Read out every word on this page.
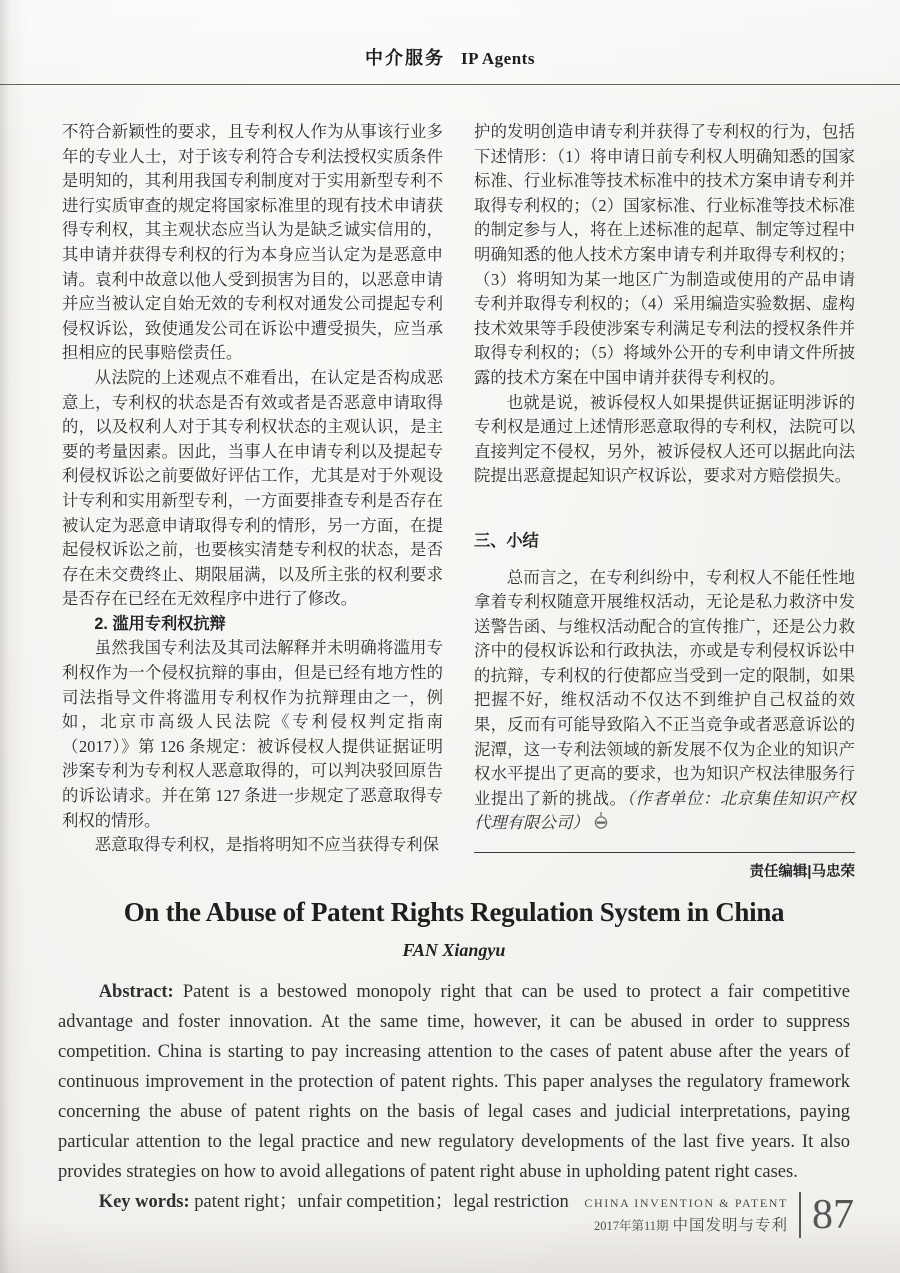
中介服务 IP Agents

不符合新颖性的要求，且专利权人作为从事该行业多年的专业人士，对于该专利符合专利法授权实质条件是明知的，其利用我国专利制度对于实用新型专利不进行实质审查的规定将国家标准里的现有技术申请获得专利权，其主观状态应当认为是缺乏诚实信用的，其申请并获得专利权的行为本身应当认定为是恶意申请。袁利中故意以他人受到损害为目的，以恶意申请并应当被认定自始无效的专利权对通发公司提起专利侵权诉讼，致使通发公司在诉讼中遭受损失，应当承担相应的民事赔偿责任。

从法院的上述观点不难看出，在认定是否构成恶意上，专利权的状态是否有效或者是否恶意申请取得的，以及权利人对于其专利权状态的主观认识，是主要的考量因素。因此，当事人在申请专利以及提起专利侵权诉讼之前要做好评估工作，尤其是对于外观设计专利和实用新型专利，一方面要排查专利是否存在被认定为恶意申请取得专利的情形，另一方面，在提起侵权诉讼之前，也要核实清楚专利权的状态，是否存在未交费终止、期限届满，以及所主张的权利要求是否存在已经在无效程序中进行了修改。

2. 滥用专利权抗辩

虽然我国专利法及其司法解释并未明确将滥用专利权作为一个侵权抗辩的事由，但是已经有地方性的司法指导文件将滥用专利权作为抗辩理由之一，例如，北京市高级人民法院《专利侵权判定指南（2017）》第 126 条规定：被诉侵权人提供证据证明涉案专利为专利权人恶意取得的，可以判决驳回原告的诉讼请求。并在第 127 条进一步规定了恶意取得专利权的情形。

恶意取得专利权，是指将明知不应当获得专利保

护的发明创造申请专利并获得了专利权的行为，包括下述情形：（1）将申请日前专利权人明确知悉的国家标准、行业标准等技术标准中的技术方案申请专利并取得专利权的；（2）国家标准、行业标准等技术标准的制定参与人，将在上述标准的起草、制定等过程中明确知悉的他人技术方案申请专利并取得专利权的；（3）将明知为某一地区广为制造或使用的产品申请专利并取得专利权的；（4）采用编造实验数据、虚构技术效果等手段使涉案专利满足专利法的授权条件并取得专利权的；（5）将域外公开的专利申请文件所披露的技术方案在中国申请并获得专利权的。

也就是说，被诉侵权人如果提供证据证明涉诉的专利权是通过上述情形恶意取得的专利权，法院可以直接判定不侵权，另外，被诉侵权人还可以据此向法院提出恶意提起知识产权诉讼，要求对方赔偿损失。

三、小结

总而言之，在专利纠纷中，专利权人不能任性地拿着专利权随意开展维权活动，无论是私力救济中发送警告函、与维权活动配合的宣传推广，还是公力救济中的侵权诉讼和行政执法，亦或是专利侵权诉讼中的抗辩，专利权的行使都应当受到一定的限制，如果把握不好，维权活动不仅达不到维护自己权益的效果，反而有可能导致陷入不正当竞争或者恶意诉讼的泥潭，这一专利法领域的新发展不仅为企业的知识产权水平提出了更高的要求，也为知识产权法律服务行业提出了新的挑战。（作者单位：北京集佳知识产权代理有限公司）

责任编辑|马忠荣
On the Abuse of Patent Rights Regulation System in China
FAN Xiangyu

Abstract: Patent is a bestowed monopoly right that can be used to protect a fair competitive advantage and foster innovation. At the same time, however, it can be abused in order to suppress competition. China is starting to pay increasing attention to the cases of patent abuse after the years of continuous improvement in the protection of patent rights. This paper analyses the regulatory framework concerning the abuse of patent rights on the basis of legal cases and judicial interpretations, paying particular attention to the legal practice and new regulatory developments of the last five years. It also provides strategies on how to avoid allegations of patent right abuse in upholding patent right cases.

Key words: patent right；unfair competition；legal restriction	CHINA INVENTION & PATENT
2017年第11期 中国发明与专利 87
